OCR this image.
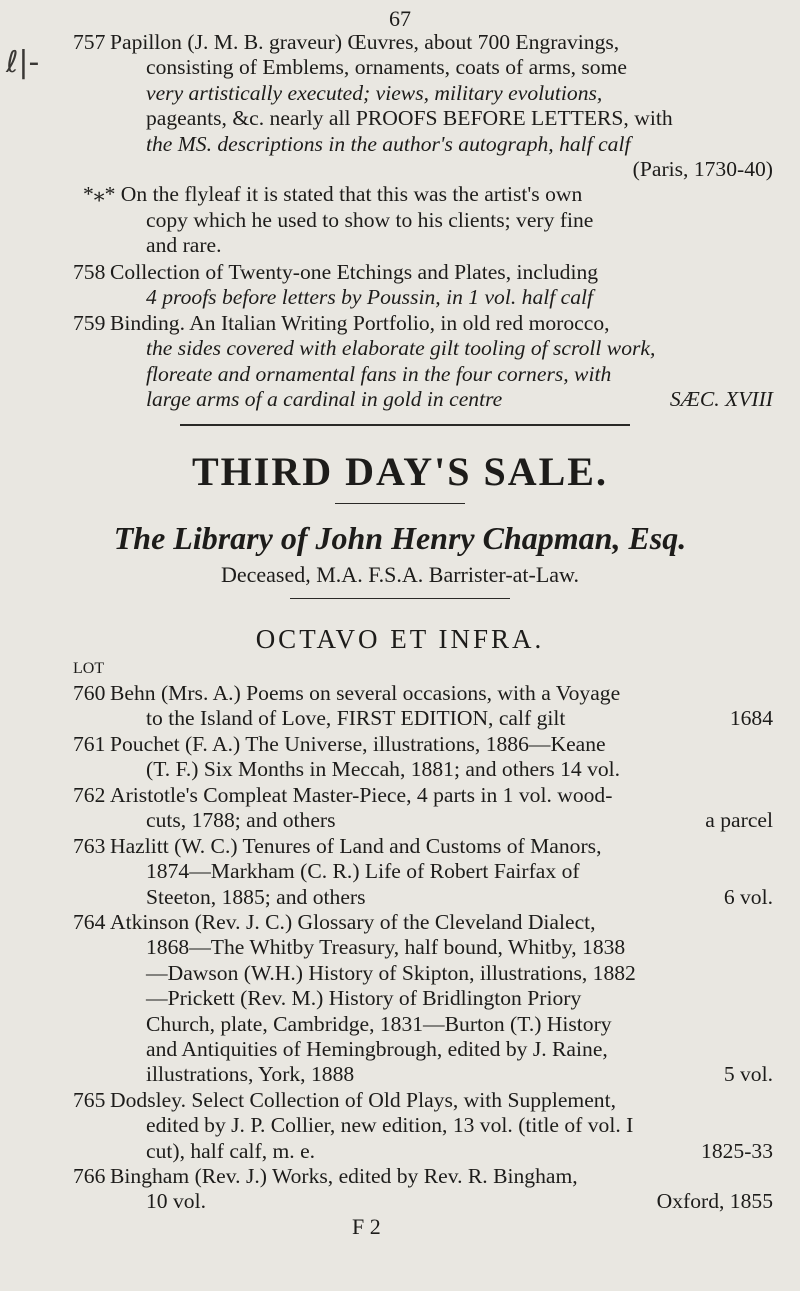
67
ℓ|-
757 Papillon (J. M. B. graveur) Œuvres, about 700 Engravings,
consisting of Emblems, ornaments, coats of arms, some
very artistically executed; views, military evolutions,
pageants, &c. nearly all PROOFS BEFORE LETTERS, with
the MS. descriptions in the author's autograph, half calf
(Paris, 1730-40)
*⁎* On the flyleaf it is stated that this was the artist's own
copy which he used to show to his clients; very fine
and rare.
758 Collection of Twenty-one Etchings and Plates, including
4 proofs before letters by Poussin, in 1 vol. half calf
759 Binding. An Italian Writing Portfolio, in old red morocco,
the sides covered with elaborate gilt tooling of scroll work,
floreate and ornamental fans in the four corners, with
large arms of a cardinal in gold in centre	SÆC. XVIII
THIRD DAY'S SALE.
The Library of John Henry Chapman, Esq.
Deceased, M.A. F.S.A. Barrister-at-Law.
OCTAVO ET INFRA.
LOT
760 Behn (Mrs. A.) Poems on several occasions, with a Voyage
to the Island of Love, FIRST EDITION, calf gilt	1684
761 Pouchet (F. A.) The Universe, illustrations, 1886—Keane
(T. F.) Six Months in Meccah, 1881; and others 14 vol.
762 Aristotle's Compleat Master-Piece, 4 parts in 1 vol. wood-
cuts, 1788; and others	a parcel
763 Hazlitt (W. C.) Tenures of Land and Customs of Manors,
1874—Markham (C. R.) Life of Robert Fairfax of
Steeton, 1885; and others	6 vol.
764 Atkinson (Rev. J. C.) Glossary of the Cleveland Dialect,
1868—The Whitby Treasury, half bound, Whitby, 1838
—Dawson (W.H.) History of Skipton, illustrations, 1882
—Prickett (Rev. M.) History of Bridlington Priory
Church, plate, Cambridge, 1831—Burton (T.) History
and Antiquities of Hemingbrough, edited by J. Raine,
illustrations, York, 1888	5 vol.
765 Dodsley. Select Collection of Old Plays, with Supplement,
edited by J. P. Collier, new edition, 13 vol. (title of vol. I
cut), half calf, m. e.	1825-33
766 Bingham (Rev. J.) Works, edited by Rev. R. Bingham,
10 vol.	Oxford, 1855
F 2
